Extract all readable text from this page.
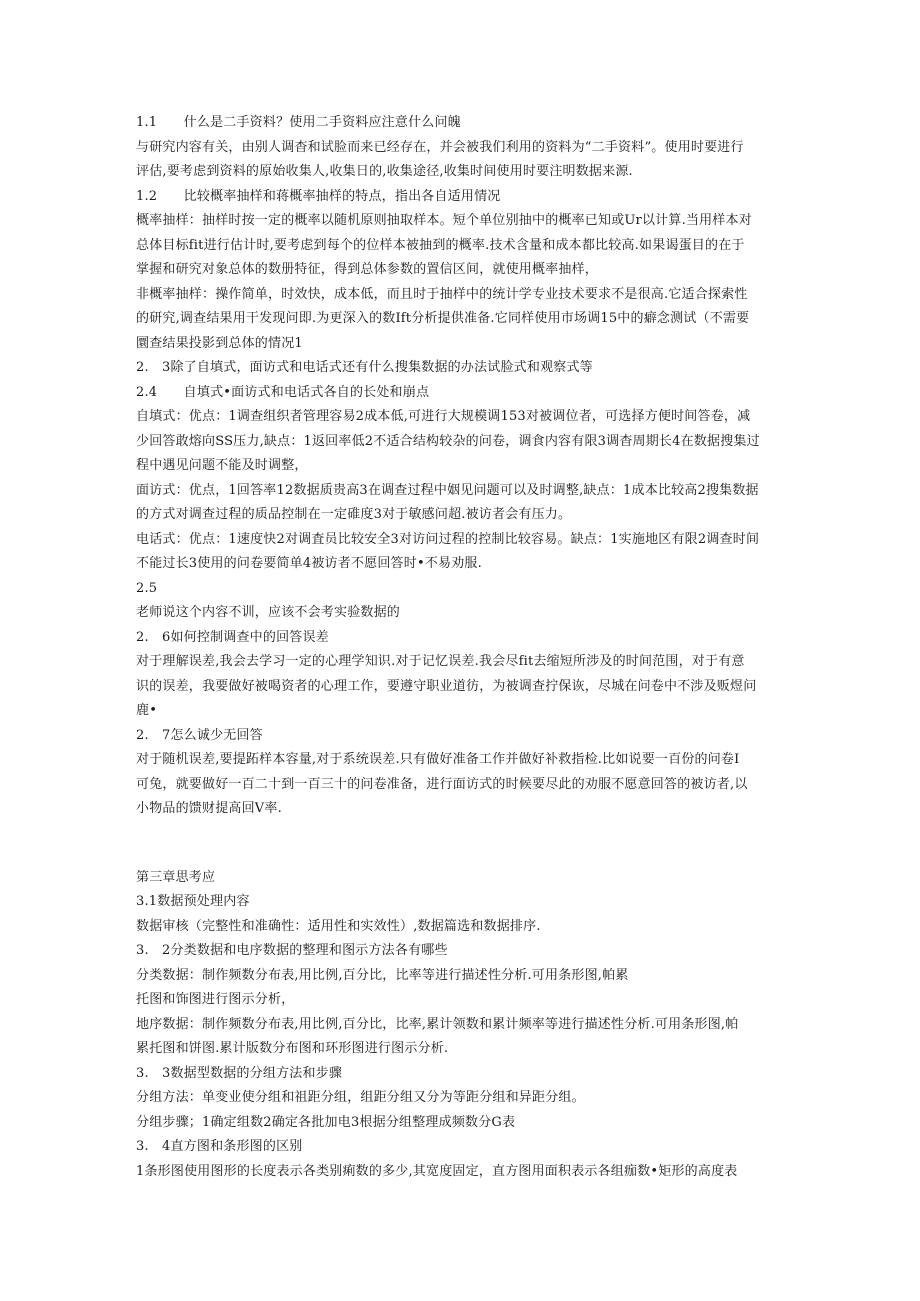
1.1　　什么是二手资料？使用二手资料应注意什么问魄

与研究内容有关，由别人调杳和试脸而来已经存在，并会被我们利用的资料为“二手资料”。使用时要进行

评估,要考虑到资料的原始收集人,收集日的,收集途径,收集时间使用时要注明数据来源.

1.2　　比较概率抽样和蒋概率抽样的特点，指出各自适用情况

概率抽样：抽样时按一定的概率以随机原则抽取样本。短个单位别抽中的概率已知或Ur以计算.当用样本对

总体目标fit进行估计时,要考虑到每个的位样本被抽到的概率.技术含量和成本都比较高.如果谒蛋目的在于

掌握和研究对象总体的数册特征，得到总体参数的置信区间，就使用概率抽样，

非概率抽样：操作简单，时效快，成本低，而且时于抽样中的统计学专业技术要求不是很高.它适合探索性

的研究,调查结果用干发现问即.为更深入的数Ift分析提供准备.它同样使用市场调15中的癖念测试（不需要

圜查结果投影到总体的情况1

2.　3除了自填式，面访式和电话式还有什么搜集数据的办法试脸式和观察式等

2.4　　自填式•面访式和电话式各自的长处和崩点

自填式：优点：1调查组织者管理容易2成本低,可进行大规模调153对被调位者，可选择方便时间答卷，减

少回答敢熔向SS压力,缺点：1返回率低2不适合结构较杂的问卷，调食内容有限3调杳周期长4在数据搜集过

程中遇见问题不能及时调整，

面访式：优点，1回答率12数据质贵高3在调查过程中姻见问题可以及时调整,缺点：1成本比较高2搜集数据

的方式对调查过程的质品控制在一定碓度3对于敏感问超.被访者会有压力。

电话式：优点：1速度快2对调査员比较安全3对访问过程的控制比较容易。缺点：1实施地区有限2调查时间

不能过长3使用的问卷要简单4被访者不愿回答时•不易劝服.

2.5

老师说这个内容不训，应该不会考实验数据的

2.　6如何控制调查中的回答误差

对于理解误差,我会去学习一定的心理学知识.对于记忆误差.我会尽fit去缩短所涉及的时间范围，对于有意

识的误差，我要做好被喝资者的心理工作，要遵守职业道彷，为被调查拧保诙，尽城在问卷中不涉及贩煜问

鹿•

2.　7怎么诚少无回答

对于随机误差,要提跖样本容量,对于系统误差.只有做好准备工作并做好补救指检.比如说要一百份的问卷I

可兔，就要做好一百二十到一百三十的问卷准备，进行面访式的时候要尽此的劝服不愿意回答的被访者,以

小物品的馈财提高回V率.

第三章思考应

3.1数据预处理内容

数据审核（完整性和准确性：适用性和实效性）,数据篇选和数据排序.

3.　2分类数据和电序数据的整理和图示方法各有哪些

分类数据：制作频数分布表,用比例,百分比，比率等进行描述性分析.可用条形图,帕累

托图和饰图进行图示分析，

地序数据：制作频数分布表,用比例,百分比，比率,累计领数和累计频率等进行描述性分析.可用条形图,帕

累托图和饼图.累计版数分布图和环形图进行图示分析.

3.　3数据型数据的分组方法和步骤

分组方法：单变业使分组和祖距分组，组距分组又分为等距分组和异距分组。

分组步骤；1确定组数2确定各批加电3根据分组整理成频数分G表

3.　4直方图和条形图的区别

1条形图使用图形的长度表示各类别痢数的多少,其宽度固定，直方图用面积表示各组痂数•矩形的高度表
